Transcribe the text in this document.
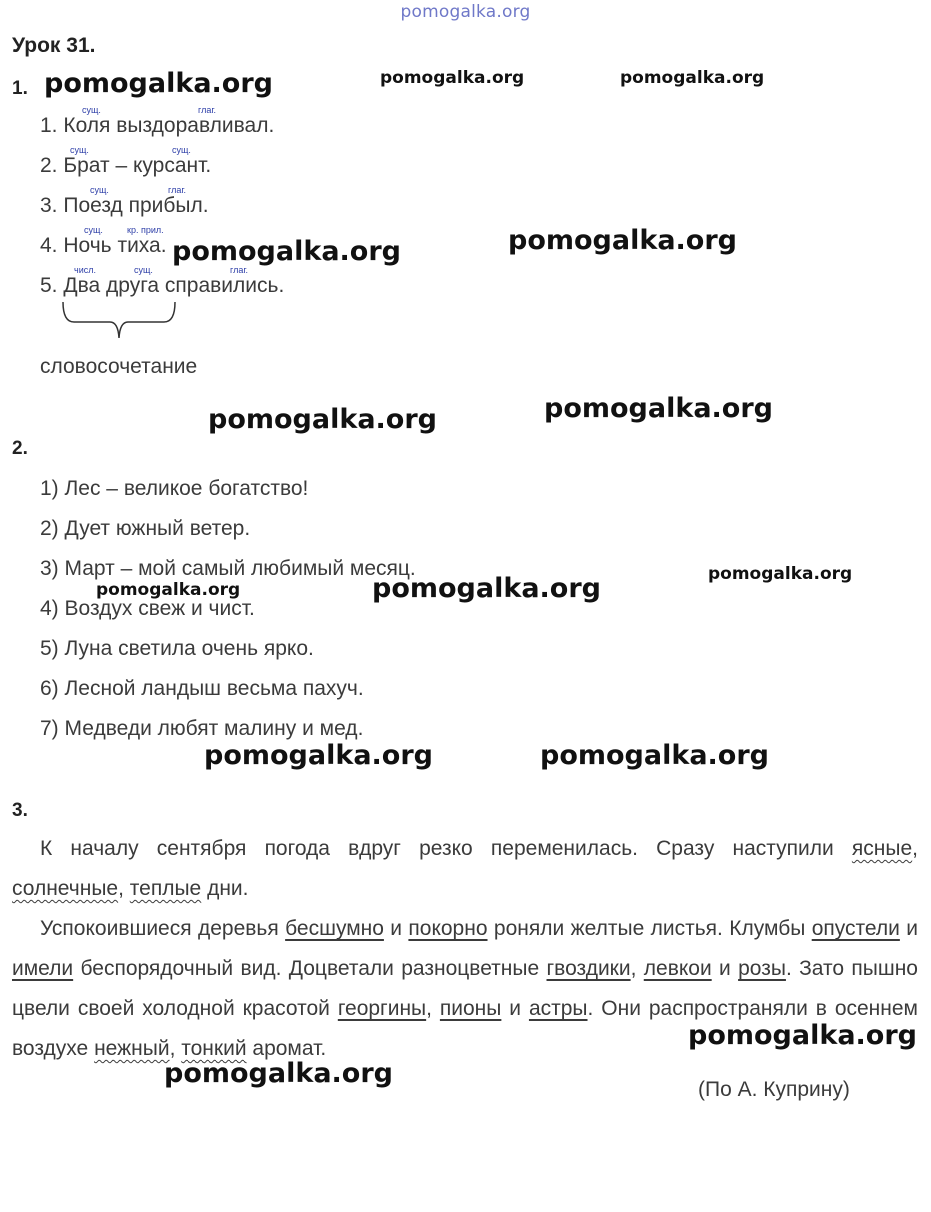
pomogalka.org
Урок 31.
1.
сущ.	глаг.
1. Коля выздоравливал.
сущ.	сущ.
2. Брат – курсант.
сущ.	глаг.
3. Поезд прибыл.
сущ.	кр. прил.
4. Ночь тиха.
числ.	сущ.	глаг.
5. Два друга справились.
словосочетание
2.
1) Лес – великое богатство!
2) Дует южный ветер.
3) Март – мой самый любимый месяц.
4) Воздух свеж и чист.
5) Луна светила очень ярко.
6) Лесной ландыш весьма пахуч.
7) Медведи любят малину и мед.
3.
К началу сентября погода вдруг резко переменилась. Сразу наступили ясные, солнечные, теплые дни.
Успокоившиеся деревья бесшумно и покорно роняли желтые листья. Клумбы опустели и имели беспорядочный вид. Доцветали разноцветные гвоздики, левкои и розы. Зато пышно цвели своей холодной красотой георгины, пионы и астры. Они распространяли в осеннем воздухе нежный, тонкий аромат.
(По А. Куприну)
pomogalka.org	pomogalka.org	pomogalka.org
pomogalka.org	pomogalka.org
pomogalka.org	pomogalka.org
pomogalka.org	pomogalka.org	pomogalka.org
pomogalka.org	pomogalka.org
pomogalka.org
pomogalka.org
